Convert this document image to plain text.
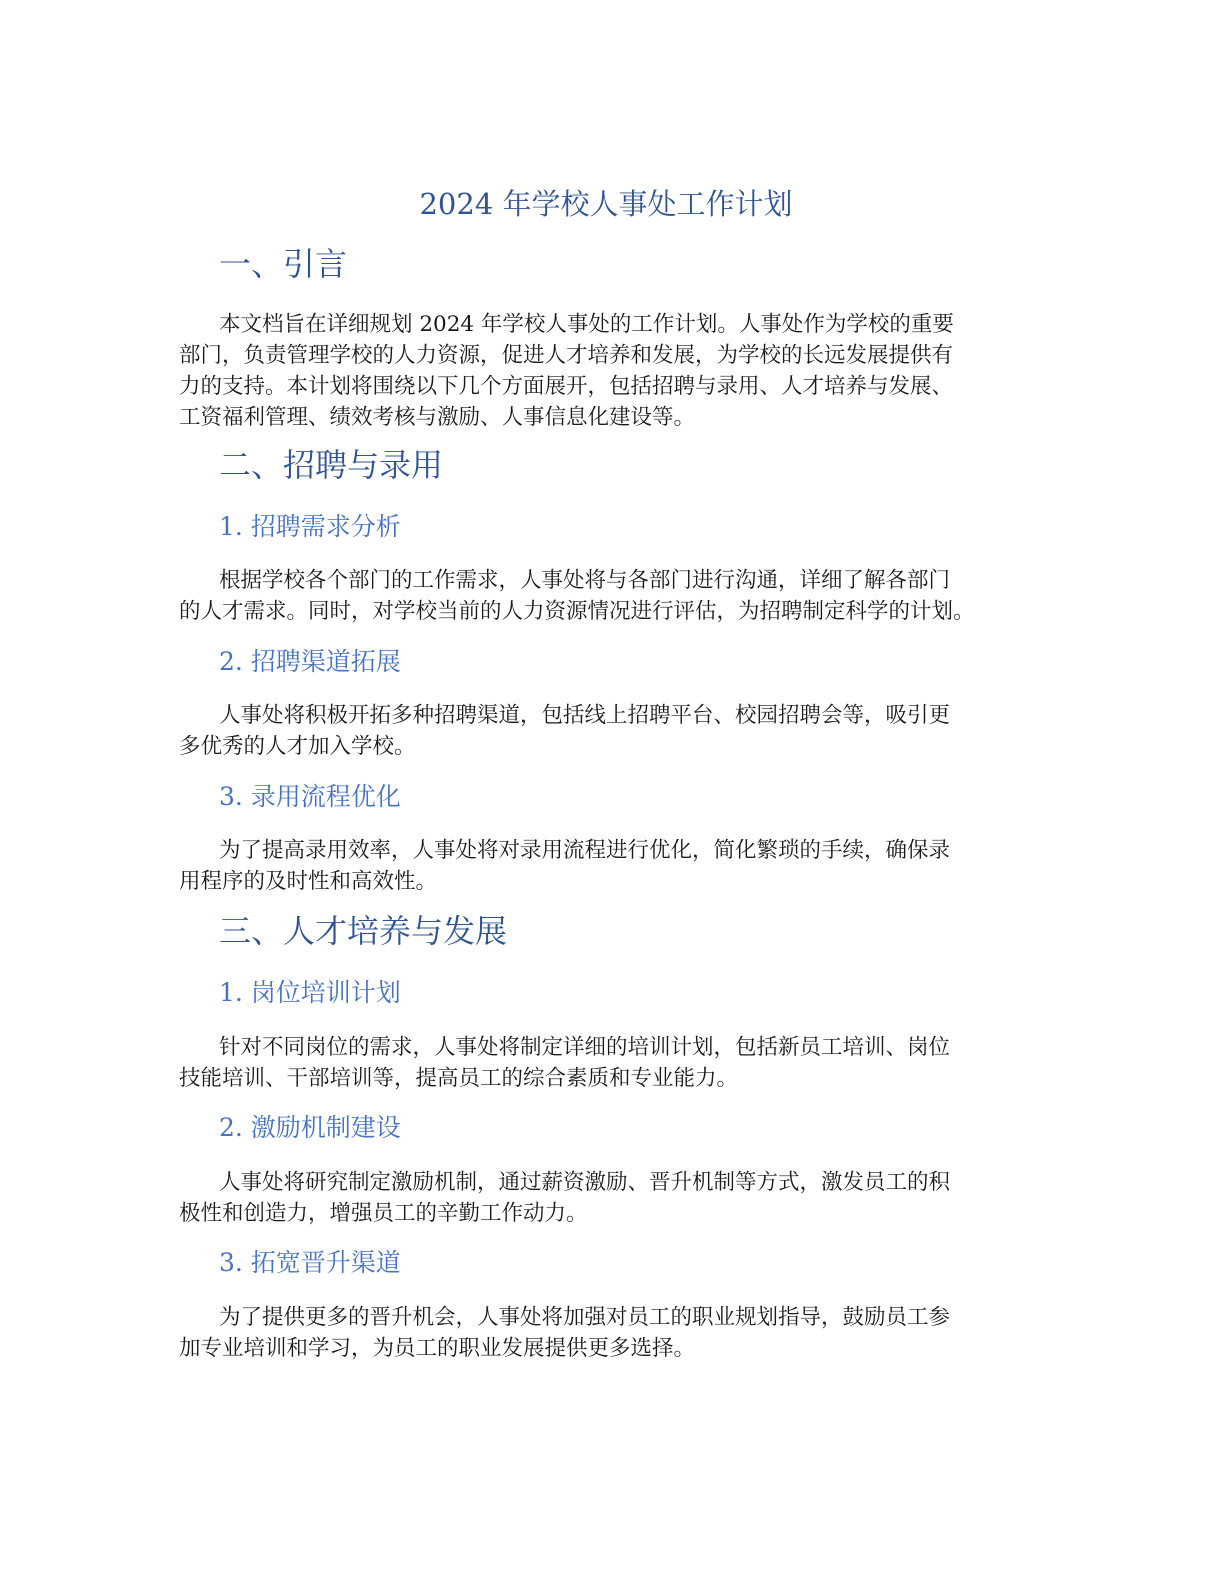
2024 年学校人事处工作计划
一、引言

本文档旨在详细规划 2024 年学校人事处的工作计划。人事处作为学校的重要
部门，负责管理学校的人力资源，促进人才培养和发展，为学校的长远发展提供有
力的支持。本计划将围绕以下几个方面展开，包括招聘与录用、人才培养与发展、
工资福利管理、绩效考核与激励、人事信息化建设等。

二、招聘与录用
1. 招聘需求分析

根据学校各个部门的工作需求，人事处将与各部门进行沟通，详细了解各部门
的人才需求。同时，对学校当前的人力资源情况进行评估，为招聘制定科学的计划。

2. 招聘渠道拓展

人事处将积极开拓多种招聘渠道，包括线上招聘平台、校园招聘会等，吸引更
多优秀的人才加入学校。

3. 录用流程优化

为了提高录用效率，人事处将对录用流程进行优化，简化繁琐的手续，确保录
用程序的及时性和高效性。

三、人才培养与发展
1. 岗位培训计划

针对不同岗位的需求，人事处将制定详细的培训计划，包括新员工培训、岗位
技能培训、干部培训等，提高员工的综合素质和专业能力。

2. 激励机制建设

人事处将研究制定激励机制，通过薪资激励、晋升机制等方式，激发员工的积
极性和创造力，增强员工的辛勤工作动力。

3. 拓宽晋升渠道

为了提供更多的晋升机会，人事处将加强对员工的职业规划指导，鼓励员工参
加专业培训和学习，为员工的职业发展提供更多选择。
